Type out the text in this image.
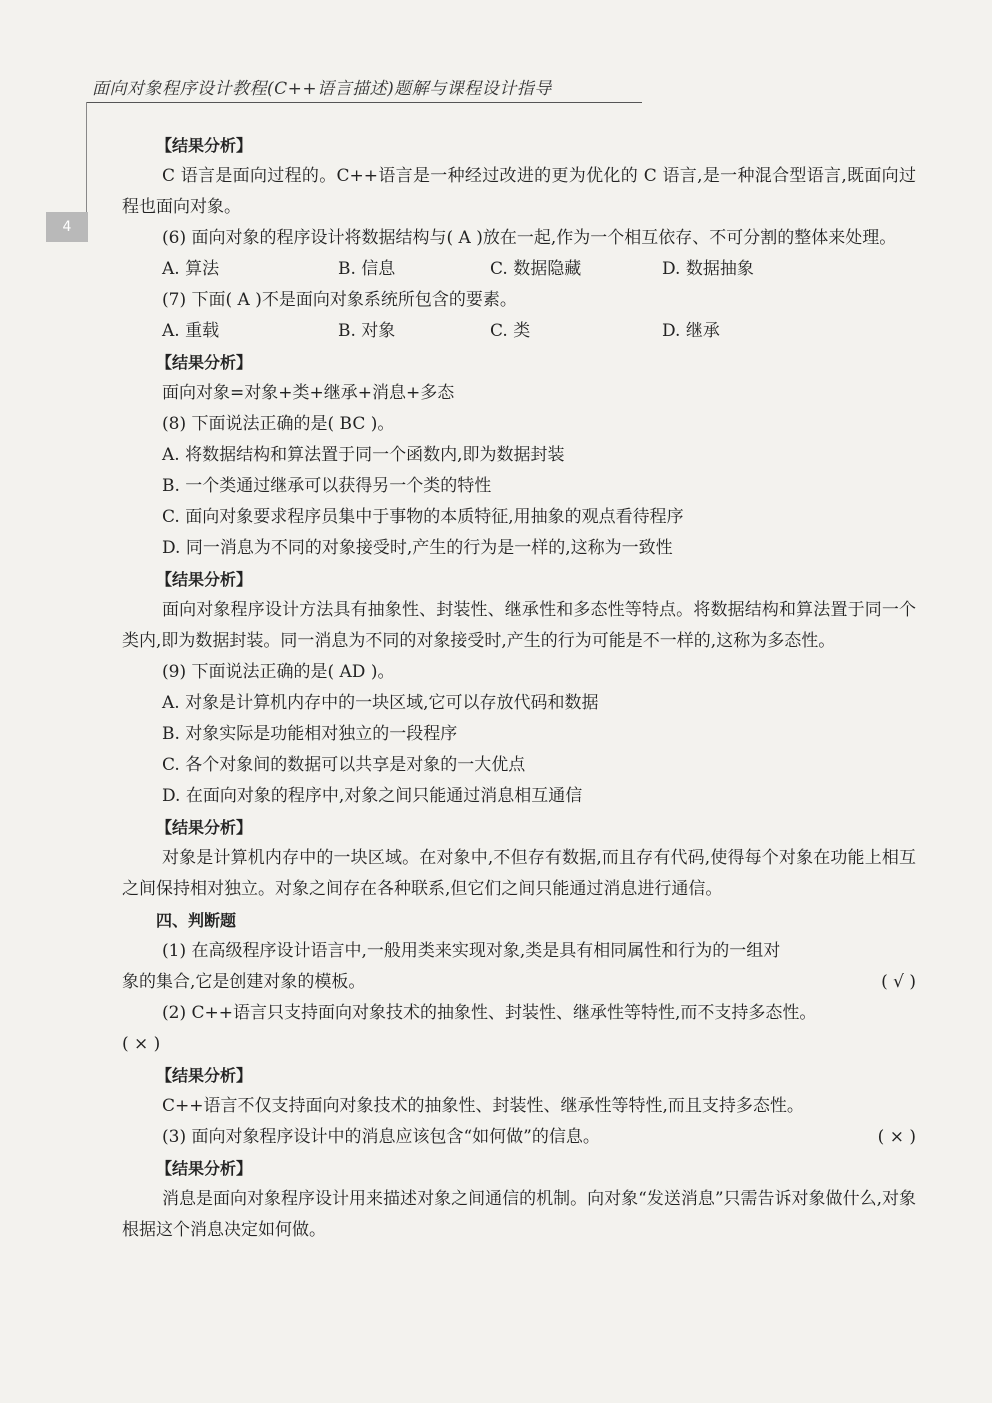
面向对象程序设计教程(C++语言描述)题解与课程设计指导
4

【结果分析】

C 语言是面向过程的。C++语言是一种经过改进的更为优化的 C 语言,是一种混合型语言,既面向过程也面向对象。

(6) 面向对象的程序设计将数据结构与( A )放在一起,作为一个相互依存、不可分割的整体来处理。

A. 算法	B. 信息	C. 数据隐藏	D. 数据抽象

(7) 下面( A )不是面向对象系统所包含的要素。

A. 重载	B. 对象	C. 类	D. 继承

【结果分析】

面向对象=对象+类+继承+消息+多态

(8) 下面说法正确的是( BC )。

A. 将数据结构和算法置于同一个函数内,即为数据封装

B. 一个类通过继承可以获得另一个类的特性

C. 面向对象要求程序员集中于事物的本质特征,用抽象的观点看待程序

D. 同一消息为不同的对象接受时,产生的行为是一样的,这称为一致性

【结果分析】

面向对象程序设计方法具有抽象性、封装性、继承性和多态性等特点。将数据结构和算法置于同一个类内,即为数据封装。同一消息为不同的对象接受时,产生的行为可能是不一样的,这称为多态性。

(9) 下面说法正确的是( AD )。

A. 对象是计算机内存中的一块区域,它可以存放代码和数据

B. 对象实际是功能相对独立的一段程序

C. 各个对象间的数据可以共享是对象的一大优点

D. 在面向对象的程序中,对象之间只能通过消息相互通信

【结果分析】

对象是计算机内存中的一块区域。在对象中,不但存有数据,而且存有代码,使得每个对象在功能上相互之间保持相对独立。对象之间存在各种联系,但它们之间只能通过消息进行通信。

四、判断题

(1) 在高级程序设计语言中,一般用类来实现对象,类是具有相同属性和行为的一组对

象的集合,它是创建对象的模板。	( √ )

(2) C++语言只支持面向对象技术的抽象性、封装性、继承性等特性,而不支持多态性。

( × )

【结果分析】

C++语言不仅支持面向对象技术的抽象性、封装性、继承性等特性,而且支持多态性。

(3) 面向对象程序设计中的消息应该包含“如何做”的信息。	( × )

【结果分析】

消息是面向对象程序设计用来描述对象之间通信的机制。向对象“发送消息”只需告诉对象做什么,对象根据这个消息决定如何做。
